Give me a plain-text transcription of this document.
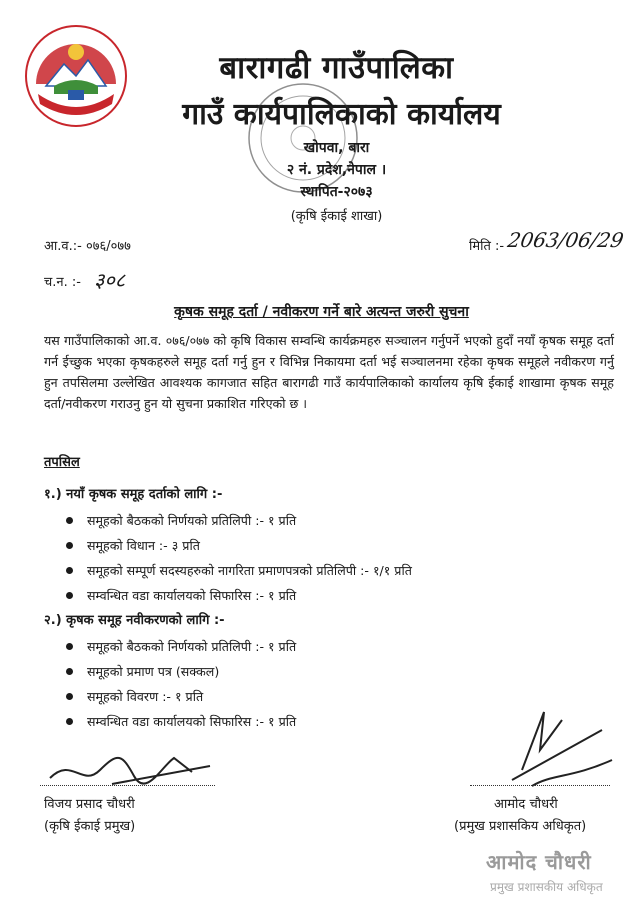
बारागढी गाउँपालिका
गाउँ कार्यपालिकाको कार्यालय
खोपवा, बारा
२ नं. प्रदेश,नेपाल ।
स्थापित-२०७३
(कृषि ईकाई शाखा)
आ.व.:- ०७६/०७७	मिति :- 2063/06/29
च.न. :- ३०८
कृषक समूह दर्ता / नवीकरण गर्ने बारे अत्यन्त जरुरी सुचना
यस गाउँपालिकाको आ.व. ०७६/०७७ को कृषि विकास सम्वन्धि कार्यक्रमहरु सञ्चालन गर्नुपर्ने भएको हुदाँ नयाँ कृषक समूह दर्ता गर्न ईच्छुक भएका कृषकहरुले समूह दर्ता गर्नु हुन र विभिन्न निकायमा दर्ता भई सञ्चालनमा रहेका कृषक समूहले नवीकरण गर्नु हुन तपसिलमा उल्लेखित आवश्यक कागजात सहित बारागढी गाउँ कार्यपालिकाको कार्यालय कृषि ईकाई शाखामा कृषक समूह दर्ता/नवीकरण गराउनु हुन यो सुचना प्रकाशित गरिएको छ ।
तपसिल
१.) नयाँ कृषक समूह दर्ताको लागि :-
समूहको बैठकको निर्णयको प्रतिलिपी :- १ प्रति
समूहको विधान :- ३ प्रति
समूहको सम्पूर्ण सदस्यहरुको नागरिता प्रमाणपत्रको प्रतिलिपी :- १/१ प्रति
सम्वन्धित वडा कार्यालयको सिफारिस :- १ प्रति
२.) कृषक समूह नवीकरणको लागि :-
समूहको बैठकको निर्णयको प्रतिलिपी :- १ प्रति
समूहको प्रमाण पत्र (सक्कल)
समूहको विवरण :- १ प्रति
सम्वन्धित वडा कार्यालयको सिफारिस :- १ प्रति
विजय प्रसाद चौधरी
(कृषि ईकाई प्रमुख)
आमोद चौधरी
(प्रमुख प्रशासकिय अधिकृत)
आमोद चौधरी
प्रमुख प्रशासकीय अधिकृत
